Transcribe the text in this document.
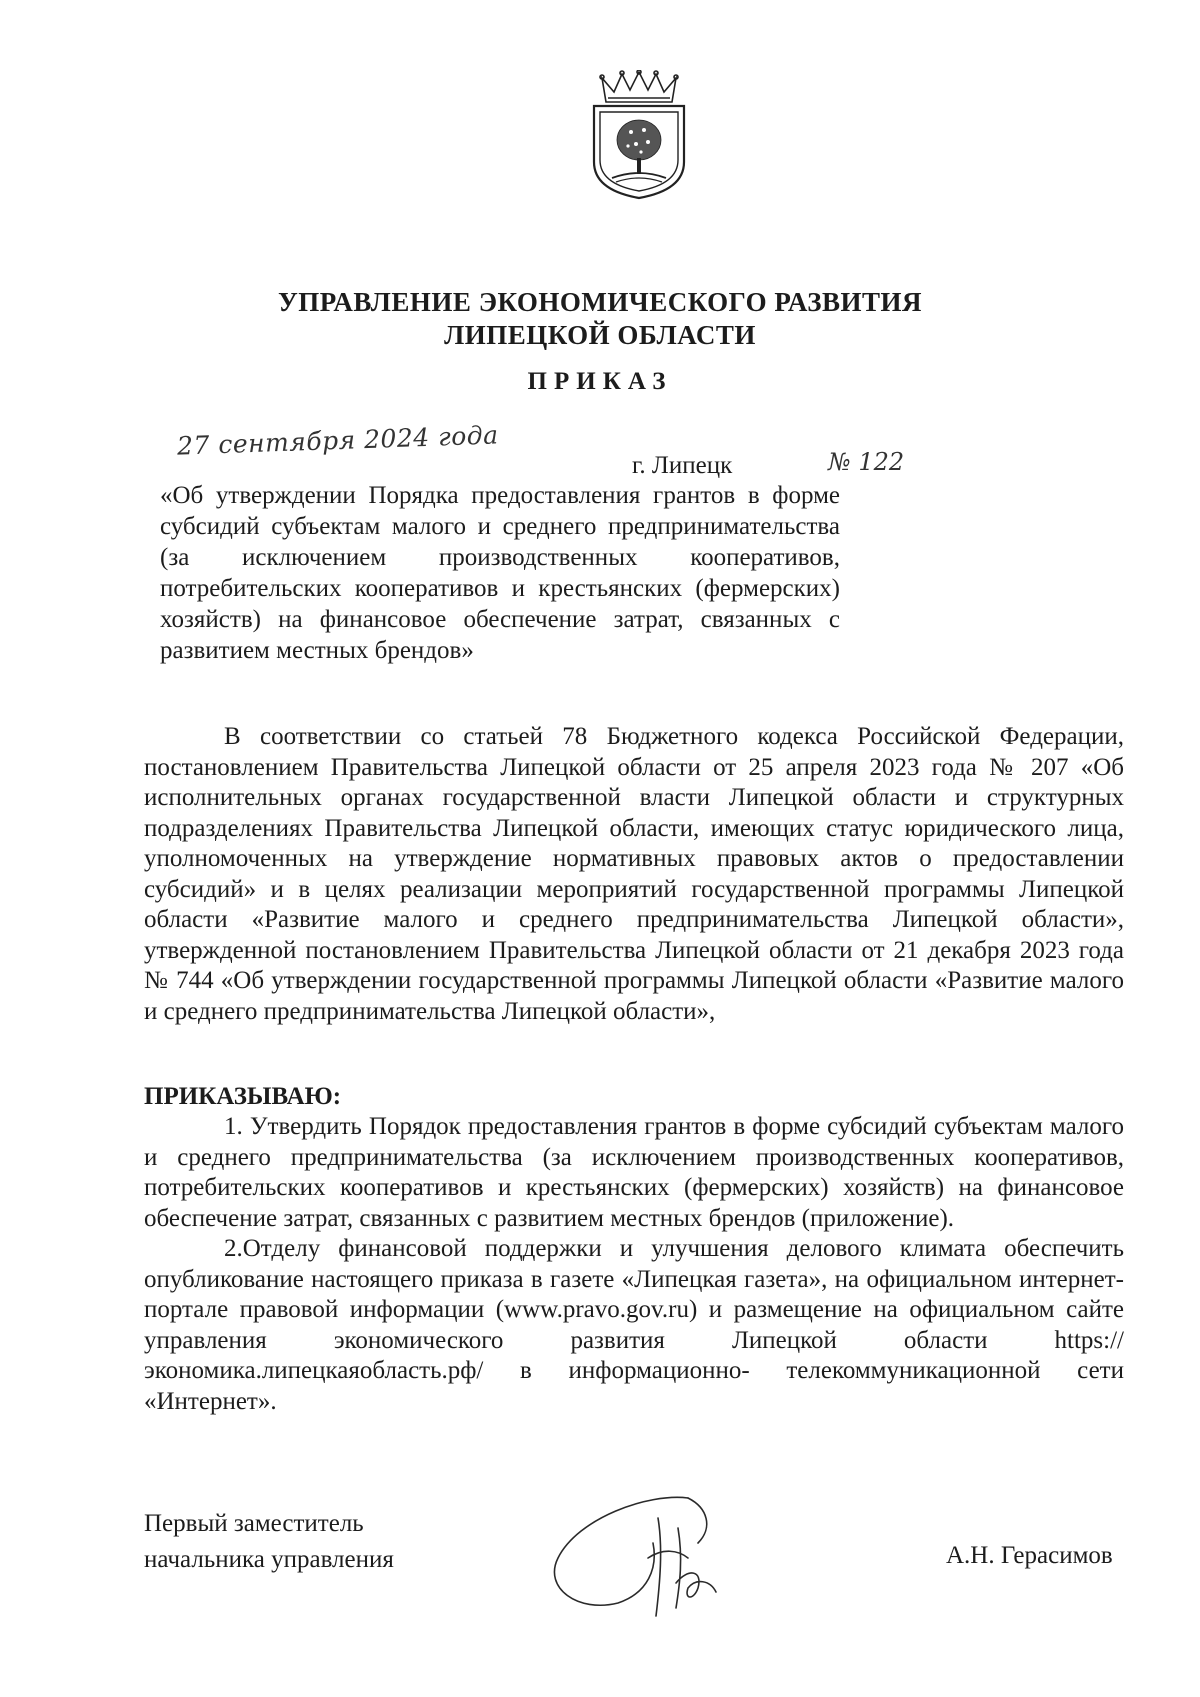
УПРАВЛЕНИЕ ЭКОНОМИЧЕСКОГО РАЗВИТИЯ
ЛИПЕЦКОЙ ОБЛАСТИ
ПРИКАЗ
27 сентября 2024 года
г. Липецк	№ 122
«Об утверждении Порядка предоставления грантов в форме субсидий субъектам малого и среднего предпринимательства (за исключением производственных кооперативов, потребительских кооперативов и крестьянских (фермерских) хозяйств) на финансовое обеспечение затрат, связанных с развитием местных брендов»

В соответствии со статьей 78 Бюджетного кодекса Российской Федерации, постановлением Правительства Липецкой области от 25 апреля 2023 года № 207 «Об исполнительных органах государственной власти Липецкой области и структурных подразделениях Правительства Липецкой области, имеющих статус юридического лица, уполномоченных на утверждение нормативных правовых актов о предоставлении субсидий» и в целях реализации мероприятий государственной программы Липецкой области «Развитие малого и среднего предпринимательства Липецкой области», утвержденной постановлением Правительства Липецкой области от 21 декабря 2023 года № 744 «Об утверждении государственной программы Липецкой области «Развитие малого и среднего предпринимательства Липецкой области»,

ПРИКАЗЫВАЮ:

1. Утвердить Порядок предоставления грантов в форме субсидий субъектам малого и среднего предпринимательства (за исключением производственных кооперативов, потребительских кооперативов и крестьянских (фермерских) хозяйств) на финансовое обеспечение затрат, связанных с развитием местных брендов (приложение).

2.Отделу финансовой поддержки и улучшения делового климата обеспечить опубликование настоящего приказа в газете «Липецкая газета», на официальном интернет-портале правовой информации (www.pravo.gov.ru) и размещение на официальном сайте управления экономического развития Липецкой области https://экономика.липецкаяобласть.рф/ в информационно- телекоммуникационной сети «Интернет».

Первый заместитель
начальника управления	А.Н. Герасимов
